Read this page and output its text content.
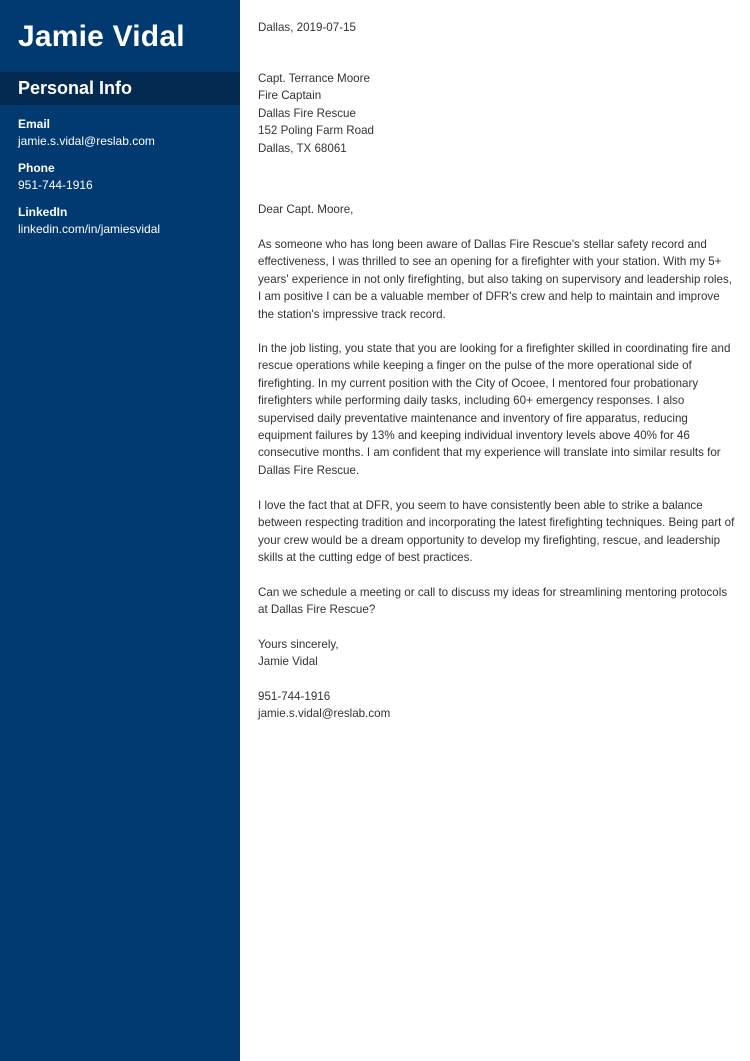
Jamie Vidal
Personal Info
Email
jamie.s.vidal@reslab.com
Phone
951-744-1916
LinkedIn
linkedin.com/in/jamiesvidal
Dallas, 2019-07-15
Capt. Terrance Moore
Fire Captain
Dallas Fire Rescue
152 Poling Farm Road
Dallas, TX 68061

Dear Capt. Moore,

As someone who has long been aware of Dallas Fire Rescue's stellar safety record and effectiveness, I was thrilled to see an opening for a firefighter with your station. With my 5+ years' experience in not only firefighting, but also taking on supervisory and leadership roles, I am positive I can be a valuable member of DFR's crew and help to maintain and improve the station's impressive track record.

In the job listing, you state that you are looking for a firefighter skilled in coordinating fire and rescue operations while keeping a finger on the pulse of the more operational side of firefighting. In my current position with the City of Ocoee, I mentored four probationary firefighters while performing daily tasks, including 60+ emergency responses. I also supervised daily preventative maintenance and inventory of fire apparatus, reducing equipment failures by 13% and keeping individual inventory levels above 40% for 46 consecutive months. I am confident that my experience will translate into similar results for Dallas Fire Rescue.

I love the fact that at DFR, you seem to have consistently been able to strike a balance between respecting tradition and incorporating the latest firefighting techniques. Being part of your crew would be a dream opportunity to develop my firefighting, rescue, and leadership skills at the cutting edge of best practices.

Can we schedule a meeting or call to discuss my ideas for streamlining mentoring protocols at Dallas Fire Rescue?

Yours sincerely,
Jamie Vidal
951-744-1916
jamie.s.vidal@reslab.com
